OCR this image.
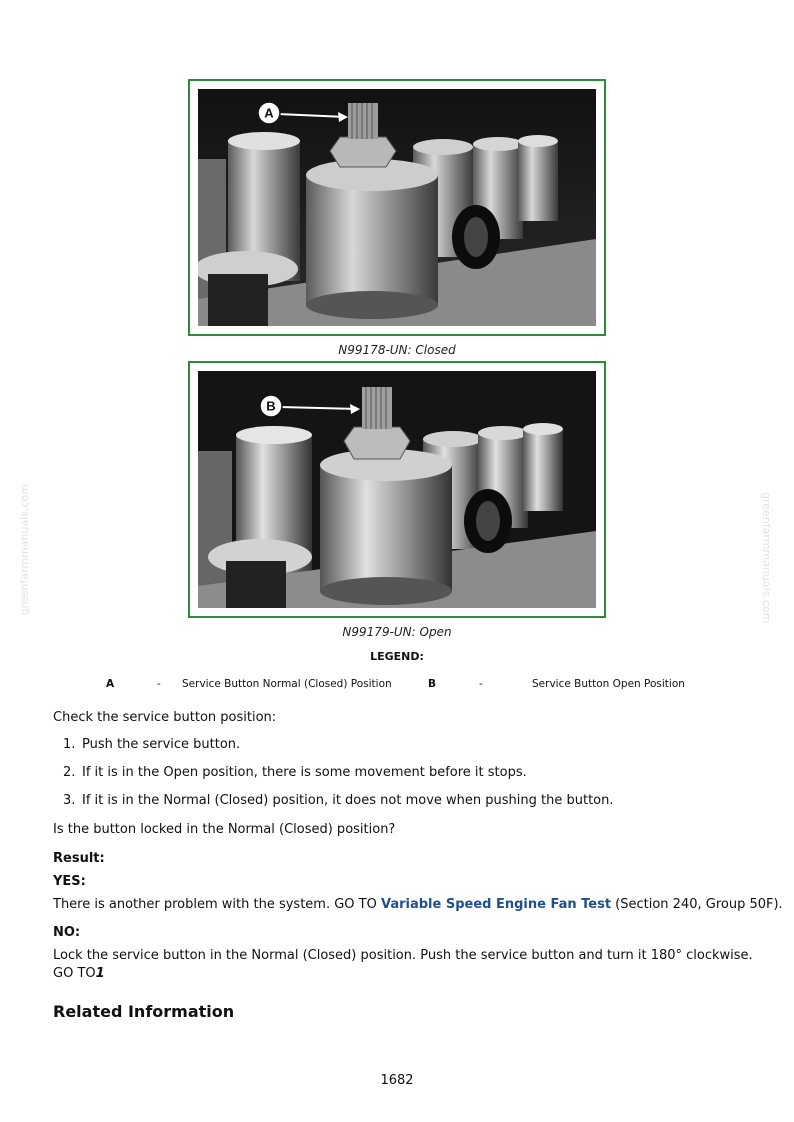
A
N99178-UN: Closed
B
N99179-UN: Open
LEGEND:
A	- Service Button Normal (Closed) Position	B	-	Service Button Open Position
Check the service button position:
1. Push the service button.
2. If it is in the Open position, there is some movement before it stops.
3. If it is in the Normal (Closed) position, it does not move when pushing the button.
Is the button locked in the Normal (Closed) position?
Result:
YES:
There is another problem with the system. GO TO Variable Speed Engine Fan Test (Section 240, Group 50F).
NO:
Lock the service button in the Normal (Closed) position. Push the service button and turn it 180° clockwise.
GO TO1
Related Information
1682
greenfarmmanuals.com	greenfarmmanuals.com
